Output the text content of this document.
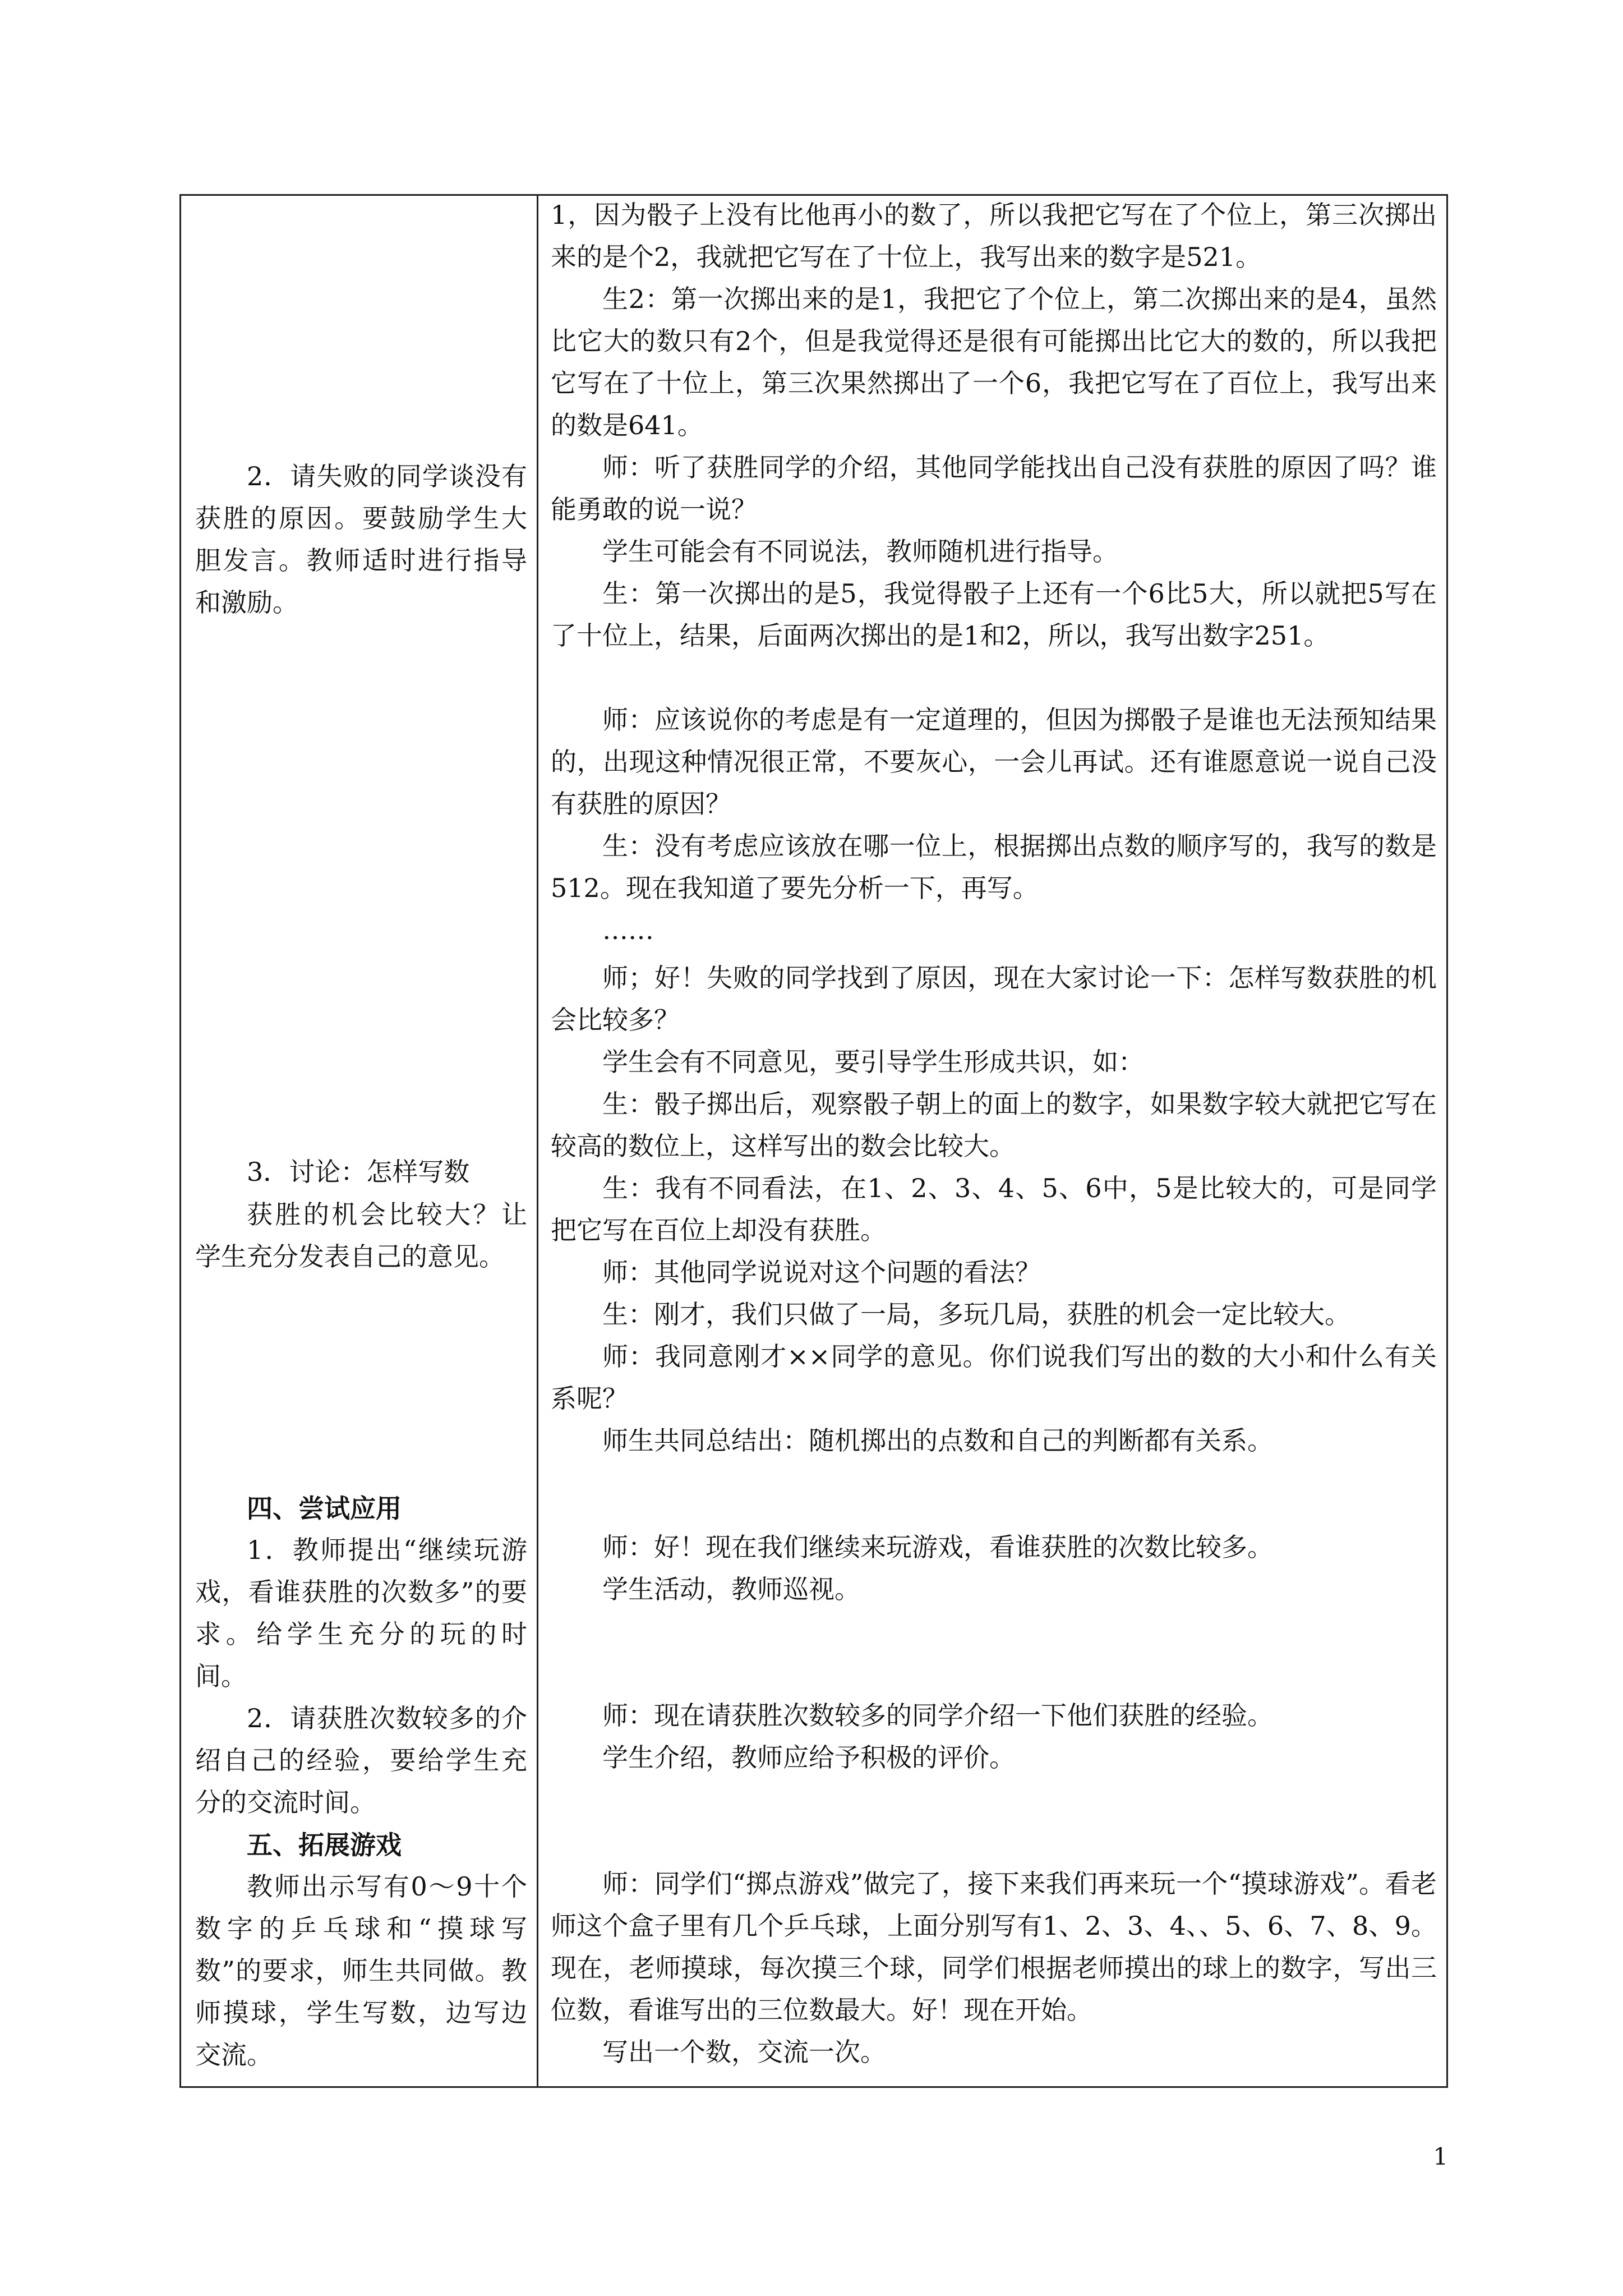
2．请失败的同学谈没有获胜的原因。要鼓励学生大胆发言。教师适时进行指导和激励。

3．讨论：怎样写数

获胜的机会比较大？让学生充分发表自己的意见。

四、尝试应用

1．教师提出“继续玩游戏，看谁获胜的次数多”的要求。给学生充分的玩的时间。

2．请获胜次数较多的介绍自己的经验，要给学生充分的交流时间。

五、拓展游戏

教师出示写有0～9十个数字的乒乓球和“摸球写数”的要求，师生共同做。教师摸球，学生写数，边写边交流。

1，因为骰子上没有比他再小的数了，所以我把它写在了个位上，第三次掷出来的是个2，我就把它写在了十位上，我写出来的数字是521。

生2：第一次掷出来的是1，我把它了个位上，第二次掷出来的是4，虽然比它大的数只有2个，但是我觉得还是很有可能掷出比它大的数的，所以我把它写在了十位上，第三次果然掷出了一个6，我把它写在了百位上，我写出来的数是641。

师：听了获胜同学的介绍，其他同学能找出自己没有获胜的原因了吗？谁能勇敢的说一说？

学生可能会有不同说法，教师随机进行指导。

生：第一次掷出的是5，我觉得骰子上还有一个6比5大，所以就把5写在了十位上，结果，后面两次掷出的是1和2，所以，我写出数字251。

师：应该说你的考虑是有一定道理的，但因为掷骰子是谁也无法预知结果的，出现这种情况很正常，不要灰心，一会儿再试。还有谁愿意说一说自己没有获胜的原因？

生：没有考虑应该放在哪一位上，根据掷出点数的顺序写的，我写的数是512。现在我知道了要先分析一下，再写。

……

师；好！失败的同学找到了原因，现在大家讨论一下：怎样写数获胜的机会比较多？

学生会有不同意见，要引导学生形成共识，如：

生：骰子掷出后，观察骰子朝上的面上的数字，如果数字较大就把它写在较高的数位上，这样写出的数会比较大。

生：我有不同看法，在1、2、3、4、5、6中，5是比较大的，可是同学把它写在百位上却没有获胜。

师：其他同学说说对这个问题的看法？

生：刚才，我们只做了一局，多玩几局，获胜的机会一定比较大。

师：我同意刚才××同学的意见。你们说我们写出的数的大小和什么有关系呢？

师生共同总结出：随机掷出的点数和自己的判断都有关系。

师：好！现在我们继续来玩游戏，看谁获胜的次数比较多。

学生活动，教师巡视。

师：现在请获胜次数较多的同学介绍一下他们获胜的经验。

学生介绍，教师应给予积极的评价。

师：同学们“掷点游戏”做完了，接下来我们再来玩一个“摸球游戏”。看老师这个盒子里有几个乒乓球，上面分别写有1、2、3、4、、5、6、7、8、9。现在，老师摸球，每次摸三个球，同学们根据老师摸出的球上的数字，写出三位数，看谁写出的三位数最大。好！现在开始。

写出一个数，交流一次。

1
